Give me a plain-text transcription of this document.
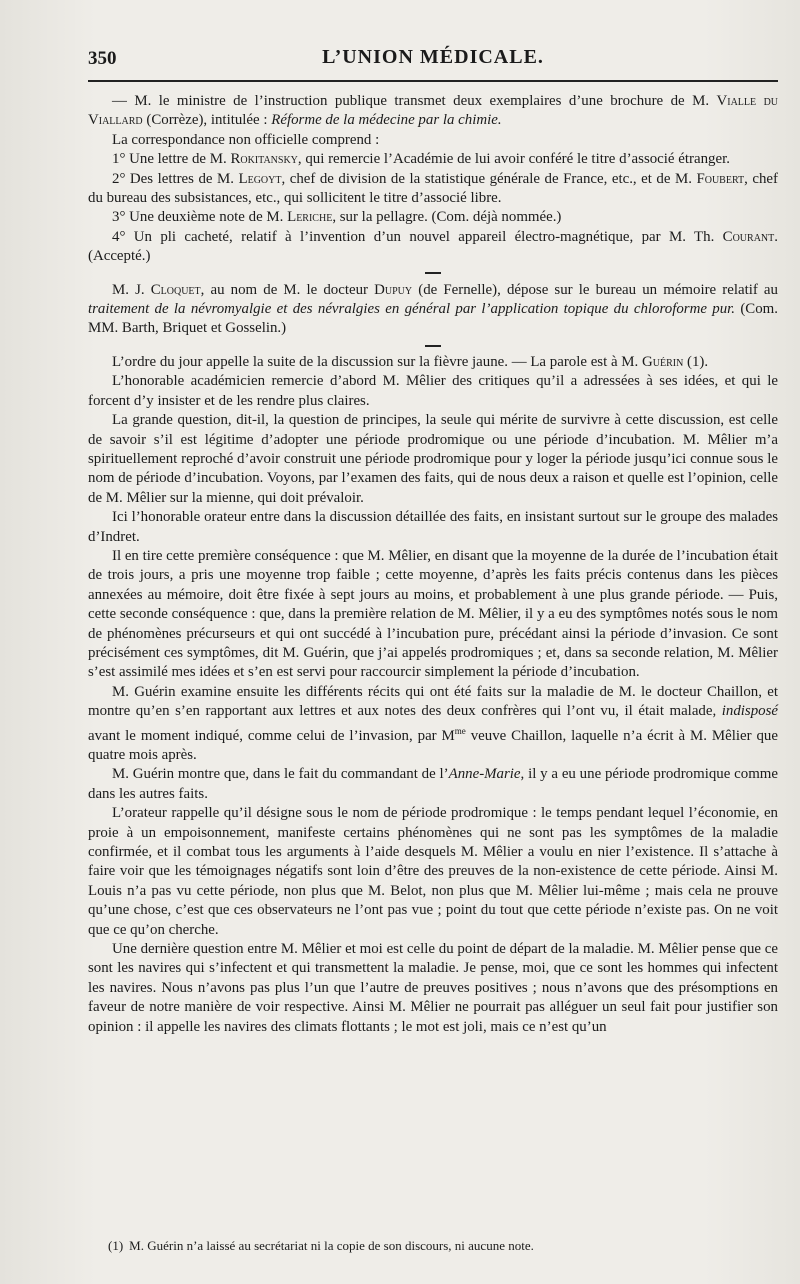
350	L’UNION MÉDICALE.

— M. le ministre de l’instruction publique transmet deux exemplaires d’une brochure de M. Vialle du Viallard (Corrèze), intitulée : Réforme de la médecine par la chimie.

La correspondance non officielle comprend :

1° Une lettre de M. Rokitansky, qui remercie l’Académie de lui avoir conféré le titre d’associé étranger.

2° Des lettres de M. Legoyt, chef de division de la statistique générale de France, etc., et de M. Foubert, chef du bureau des subsistances, etc., qui sollicitent le titre d’associé libre.

3° Une deuxième note de M. Leriche, sur la pellagre. (Com. déjà nommée.)

4° Un pli cacheté, relatif à l’invention d’un nouvel appareil électro-magnétique, par M. Th. Courant. (Accepté.)

M. J. Cloquet, au nom de M. le docteur Dupuy (de Fernelle), dépose sur le bureau un mémoire relatif au traitement de la névromyalgie et des névralgies en général par l’application topique du chloroforme pur. (Com. MM. Barth, Briquet et Gosselin.)

L’ordre du jour appelle la suite de la discussion sur la fièvre jaune. — La parole est à M. Guérin (1).

L’honorable académicien remercie d’abord M. Mêlier des critiques qu’il a adressées à ses idées, et qui le forcent d’y insister et de les rendre plus claires.

La grande question, dit-il, la question de principes, la seule qui mérite de survivre à cette discussion, est celle de savoir s’il est légitime d’adopter une période prodromique ou une période d’incubation. M. Mêlier m’a spirituellement reproché d’avoir construit une période prodromique pour y loger la période jusqu’ici connue sous le nom de période d’incubation. Voyons, par l’examen des faits, qui de nous deux a raison et quelle est l’opinion, celle de M. Mêlier sur la mienne, qui doit prévaloir.

Ici l’honorable orateur entre dans la discussion détaillée des faits, en insistant surtout sur le groupe des malades d’Indret.

Il en tire cette première conséquence : que M. Mêlier, en disant que la moyenne de la durée de l’incubation était de trois jours, a pris une moyenne trop faible ; cette moyenne, d’après les faits précis contenus dans les pièces annexées au mémoire, doit être fixée à sept jours au moins, et probablement à une plus grande période. — Puis, cette seconde conséquence : que, dans la première relation de M. Mêlier, il y a eu des symptômes notés sous le nom de phénomènes précurseurs et qui ont succédé à l’incubation pure, précédant ainsi la période d’invasion. Ce sont précisément ces symptômes, dit M. Guérin, que j’ai appelés prodromiques ; et, dans sa seconde relation, M. Mêlier s’est assimilé mes idées et s’en est servi pour raccourcir simplement la période d’incubation.

M. Guérin examine ensuite les différents récits qui ont été faits sur la maladie de M. le docteur Chaillon, et montre qu’en s’en rapportant aux lettres et aux notes des deux confrères qui l’ont vu, il était malade, indisposé avant le moment indiqué, comme celui de l’invasion, par $M^{me}$ veuve Chaillon, laquelle n’a écrit à M. Mêlier que quatre mois après.

M. Guérin montre que, dans le fait du commandant de l’Anne-Marie, il y a eu une période prodromique comme dans les autres faits.

L’orateur rappelle qu’il désigne sous le nom de période prodromique : le temps pendant lequel l’économie, en proie à un empoisonnement, manifeste certains phénomènes qui ne sont pas les symptômes de la maladie confirmée, et il combat tous les arguments à l’aide desquels M. Mêlier a voulu en nier l’existence. Il s’attache à faire voir que les témoignages négatifs sont loin d’être des preuves de la non-existence de cette période. Ainsi M. Louis n’a pas vu cette période, non plus que M. Belot, non plus que M. Mêlier lui-même ; mais cela ne prouve qu’une chose, c’est que ces observateurs ne l’ont pas vue ; point du tout que cette période n’existe pas. On ne voit que ce qu’on cherche.

Une dernière question entre M. Mêlier et moi est celle du point de départ de la maladie. M. Mêlier pense que ce sont les navires qui s’infectent et qui transmettent la maladie. Je pense, moi, que ce sont les hommes qui infectent les navires. Nous n’avons pas plus l’un que l’autre de preuves positives ; nous n’avons que des présomptions en faveur de notre manière de voir respective. Ainsi M. Mêlier ne pourrait pas alléguer un seul fait pour justifier son opinion : il appelle les navires des climats flottants ; le mot est joli, mais ce n’est qu’un

(1) M. Guérin n’a laissé au secrétariat ni la copie de son discours, ni aucune note.
